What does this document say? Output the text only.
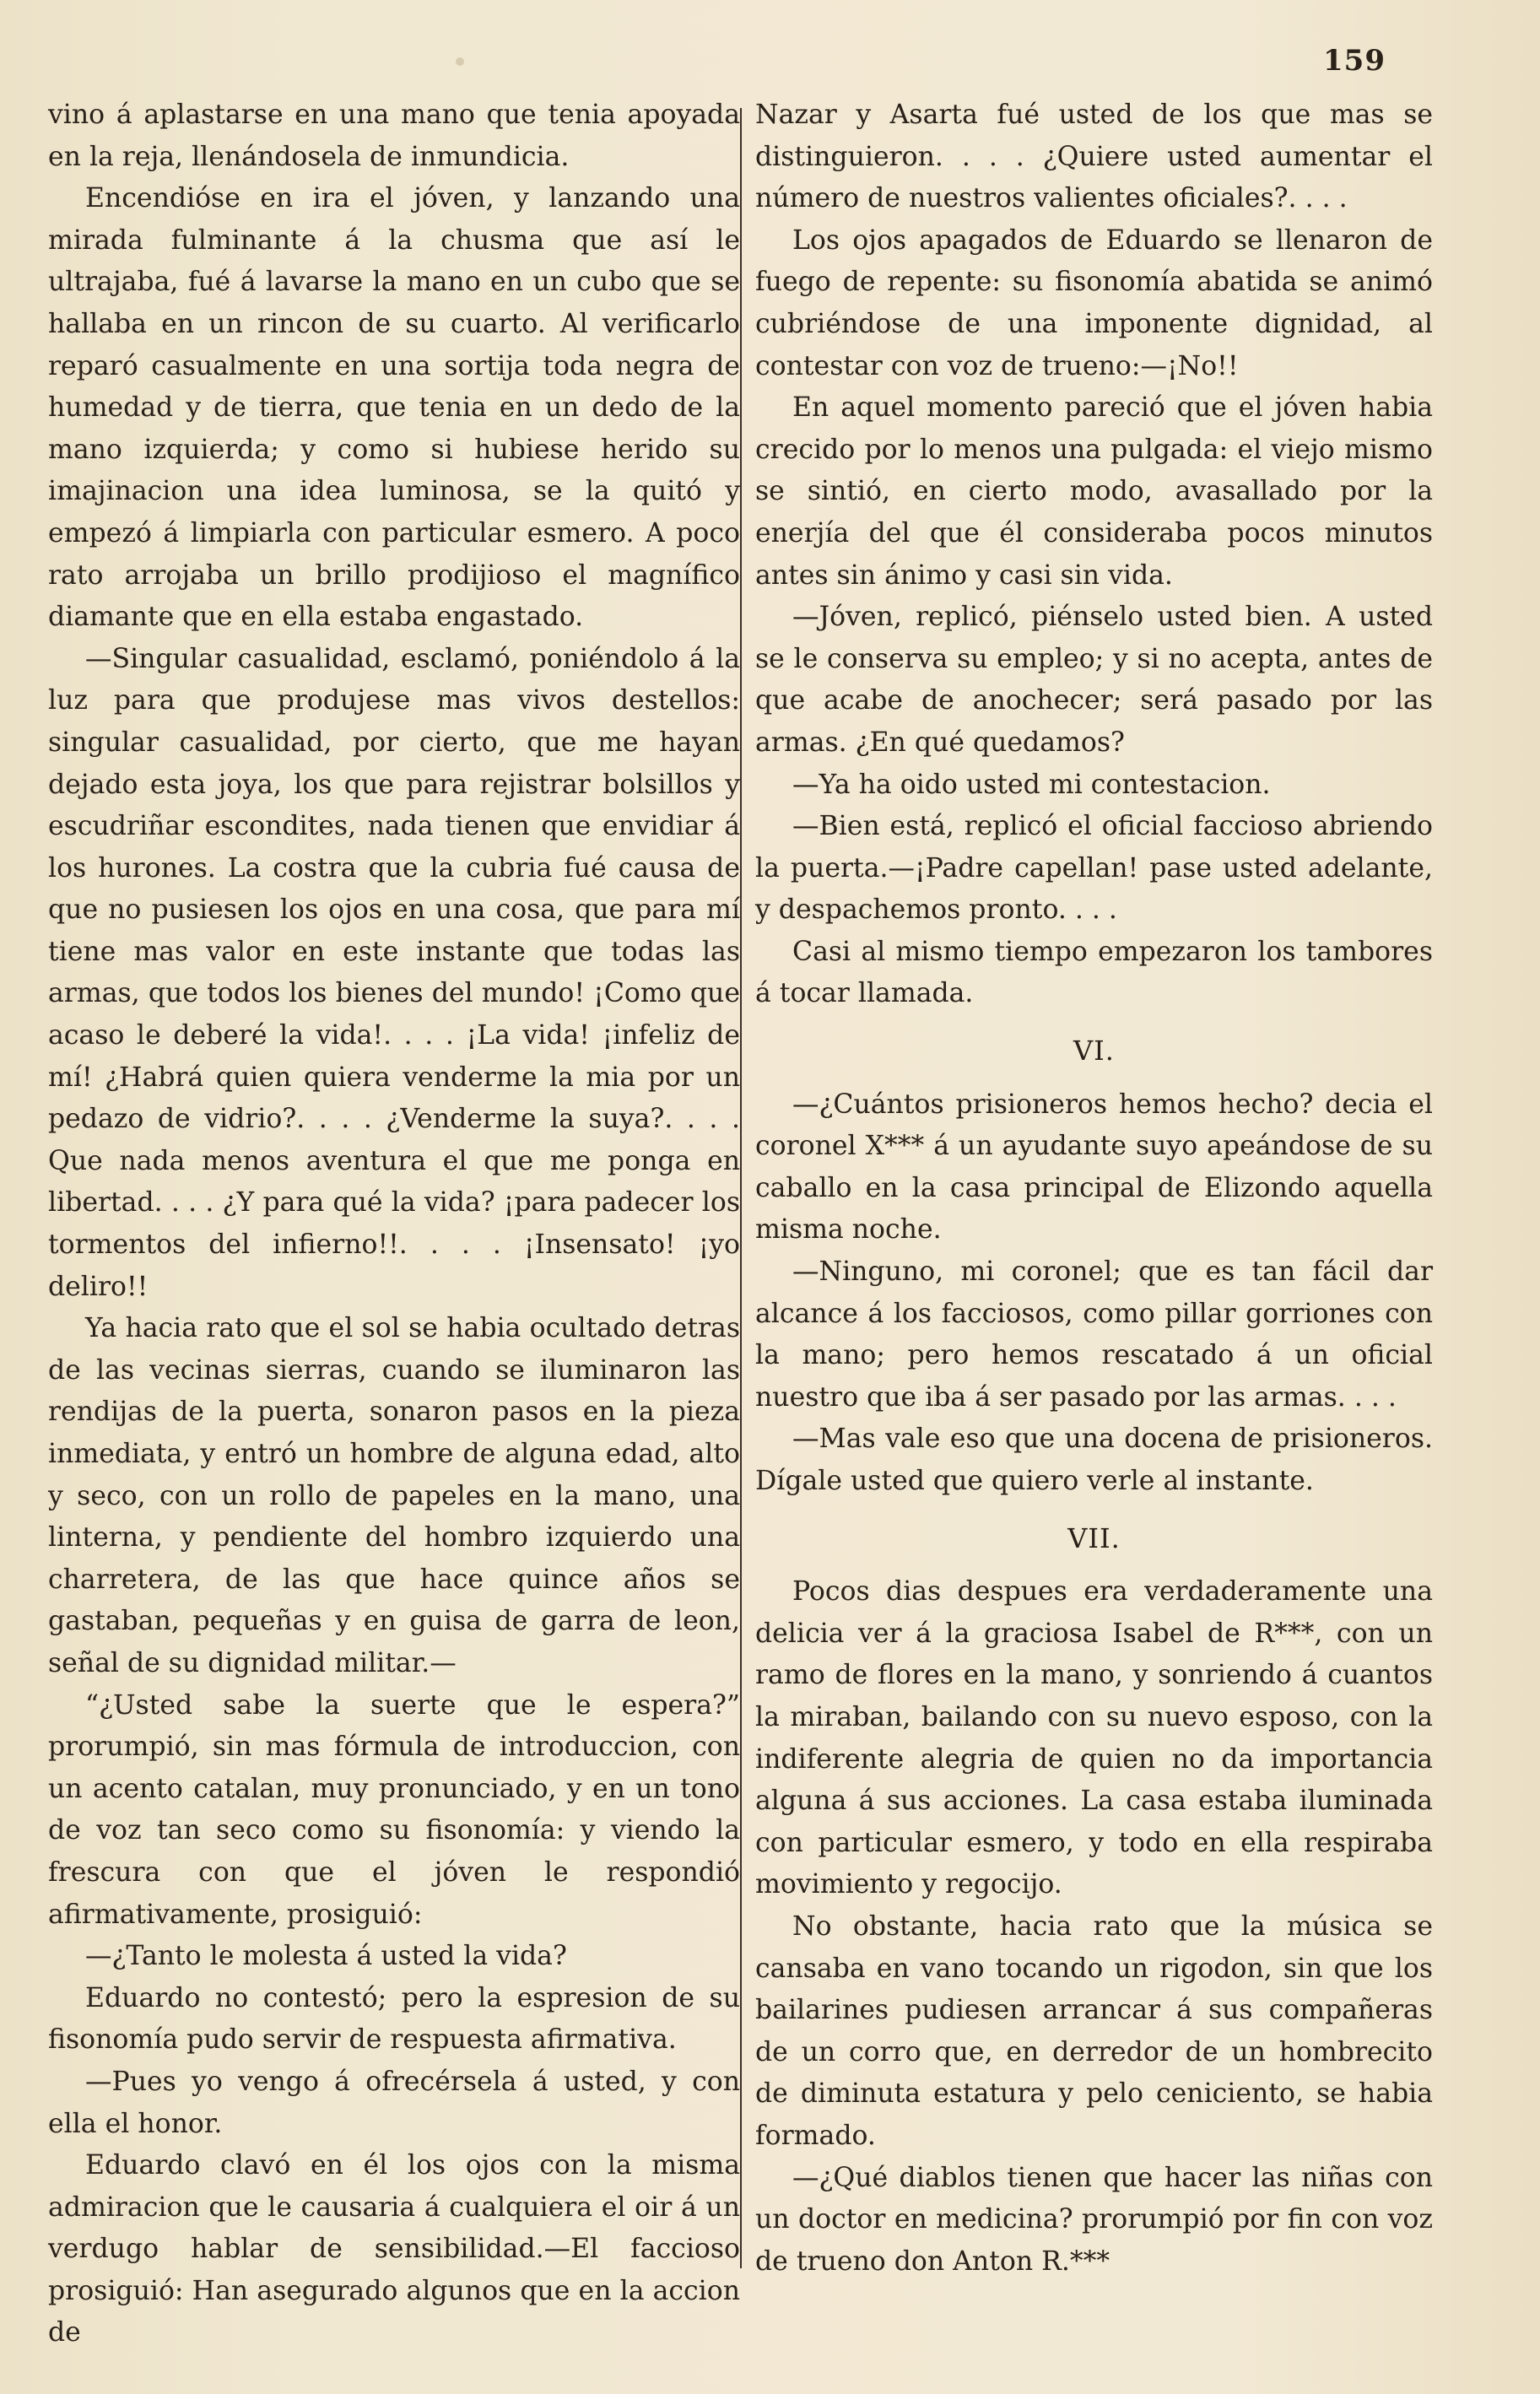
159

vino á aplastarse en una mano que tenia apoyada en la reja, llenándosela de inmundicia.

Encendióse en ira el jóven, y lanzando una mirada fulminante á la chusma que así le ultrajaba, fué á lavarse la mano en un cubo que se hallaba en un rincon de su cuarto. Al verificarlo reparó casualmente en una sortija toda negra de humedad y de tierra, que tenia en un dedo de la mano izquierda; y como si hubiese herido su imajinacion una idea luminosa, se la quitó y empezó á limpiarla con particular esmero. A poco rato arrojaba un brillo prodijioso el magnífico diamante que en ella estaba engastado.

—Singular casualidad, esclamó, poniéndolo á la luz para que produjese mas vivos destellos: singular casualidad, por cierto, que me hayan dejado esta joya, los que para rejistrar bolsillos y escudriñar escondites, nada tienen que envidiar á los hurones. La costra que la cubria fué causa de que no pusiesen los ojos en una cosa, que para mí tiene mas valor en este instante que todas las armas, que todos los bienes del mundo! ¡Como que acaso le deberé la vida!. . . . ¡La vida! ¡infeliz de mí! ¿Habrá quien quiera venderme la mia por un pedazo de vidrio?. . . . ¿Venderme la suya?. . . . Que nada menos aventura el que me ponga en libertad. . . . ¿Y para qué la vida? ¡para padecer los tormentos del infierno!!. . . . ¡Insensato! ¡yo deliro!!

Ya hacia rato que el sol se habia ocultado detras de las vecinas sierras, cuando se iluminaron las rendijas de la puerta, sonaron pasos en la pieza inmediata, y entró un hombre de alguna edad, alto y seco, con un rollo de papeles en la mano, una linterna, y pendiente del hombro izquierdo una charretera, de las que hace quince años se gastaban, pequeñas y en guisa de garra de leon, señal de su dignidad militar.—

“¿Usted sabe la suerte que le espera?” prorumpió, sin mas fórmula de introduccion, con un acento catalan, muy pronunciado, y en un tono de voz tan seco como su fisonomía: y viendo la frescura con que el jóven le respondió afirmativamente, prosiguió:

—¿Tanto le molesta á usted la vida?

Eduardo no contestó; pero la espresion de su fisonomía pudo servir de respuesta afirmativa.

—Pues yo vengo á ofrecérsela á usted, y con ella el honor.

Eduardo clavó en él los ojos con la misma admiracion que le causaria á cualquiera el oir á un verdugo hablar de sensibilidad.—El faccioso prosiguió: Han asegurado algunos que en la accion de

Nazar y Asarta fué usted de los que mas se distinguieron. . . . ¿Quiere usted aumentar el número de nuestros valientes oficiales?. . . .

Los ojos apagados de Eduardo se llenaron de fuego de repente: su fisonomía abatida se animó cubriéndose de una imponente dignidad, al contestar con voz de trueno:—¡No!!

En aquel momento pareció que el jóven habia crecido por lo menos una pulgada: el viejo mismo se sintió, en cierto modo, avasallado por la enerjía del que él consideraba pocos minutos antes sin ánimo y casi sin vida.

—Jóven, replicó, piénselo usted bien. A usted se le conserva su empleo; y si no acepta, antes de que acabe de anochecer; será pasado por las armas. ¿En qué quedamos?

—Ya ha oido usted mi contestacion.

—Bien está, replicó el oficial faccioso abriendo la puerta.—¡Padre capellan! pase usted adelante, y despachemos pronto. . . .

Casi al mismo tiempo empezaron los tambores á tocar llamada.

VI.

—¿Cuántos prisioneros hemos hecho? decia el coronel X*** á un ayudante suyo apeándose de su caballo en la casa principal de Elizondo aquella misma noche.

—Ninguno, mi coronel; que es tan fácil dar alcance á los facciosos, como pillar gorriones con la mano; pero hemos rescatado á un oficial nuestro que iba á ser pasado por las armas. . . .

—Mas vale eso que una docena de prisioneros. Dígale usted que quiero verle al instante.

VII.

Pocos dias despues era verdaderamente una delicia ver á la graciosa Isabel de R***, con un ramo de flores en la mano, y sonriendo á cuantos la miraban, bailando con su nuevo esposo, con la indiferente alegria de quien no da importancia alguna á sus acciones. La casa estaba iluminada con particular esmero, y todo en ella respiraba movimiento y regocijo.

No obstante, hacia rato que la música se cansaba en vano tocando un rigodon, sin que los bailarines pudiesen arrancar á sus compañeras de un corro que, en derredor de un hombrecito de diminuta estatura y pelo ceniciento, se habia formado.

—¿Qué diablos tienen que hacer las niñas con un doctor en medicina? prorumpió por fin con voz de trueno don Anton R.***
